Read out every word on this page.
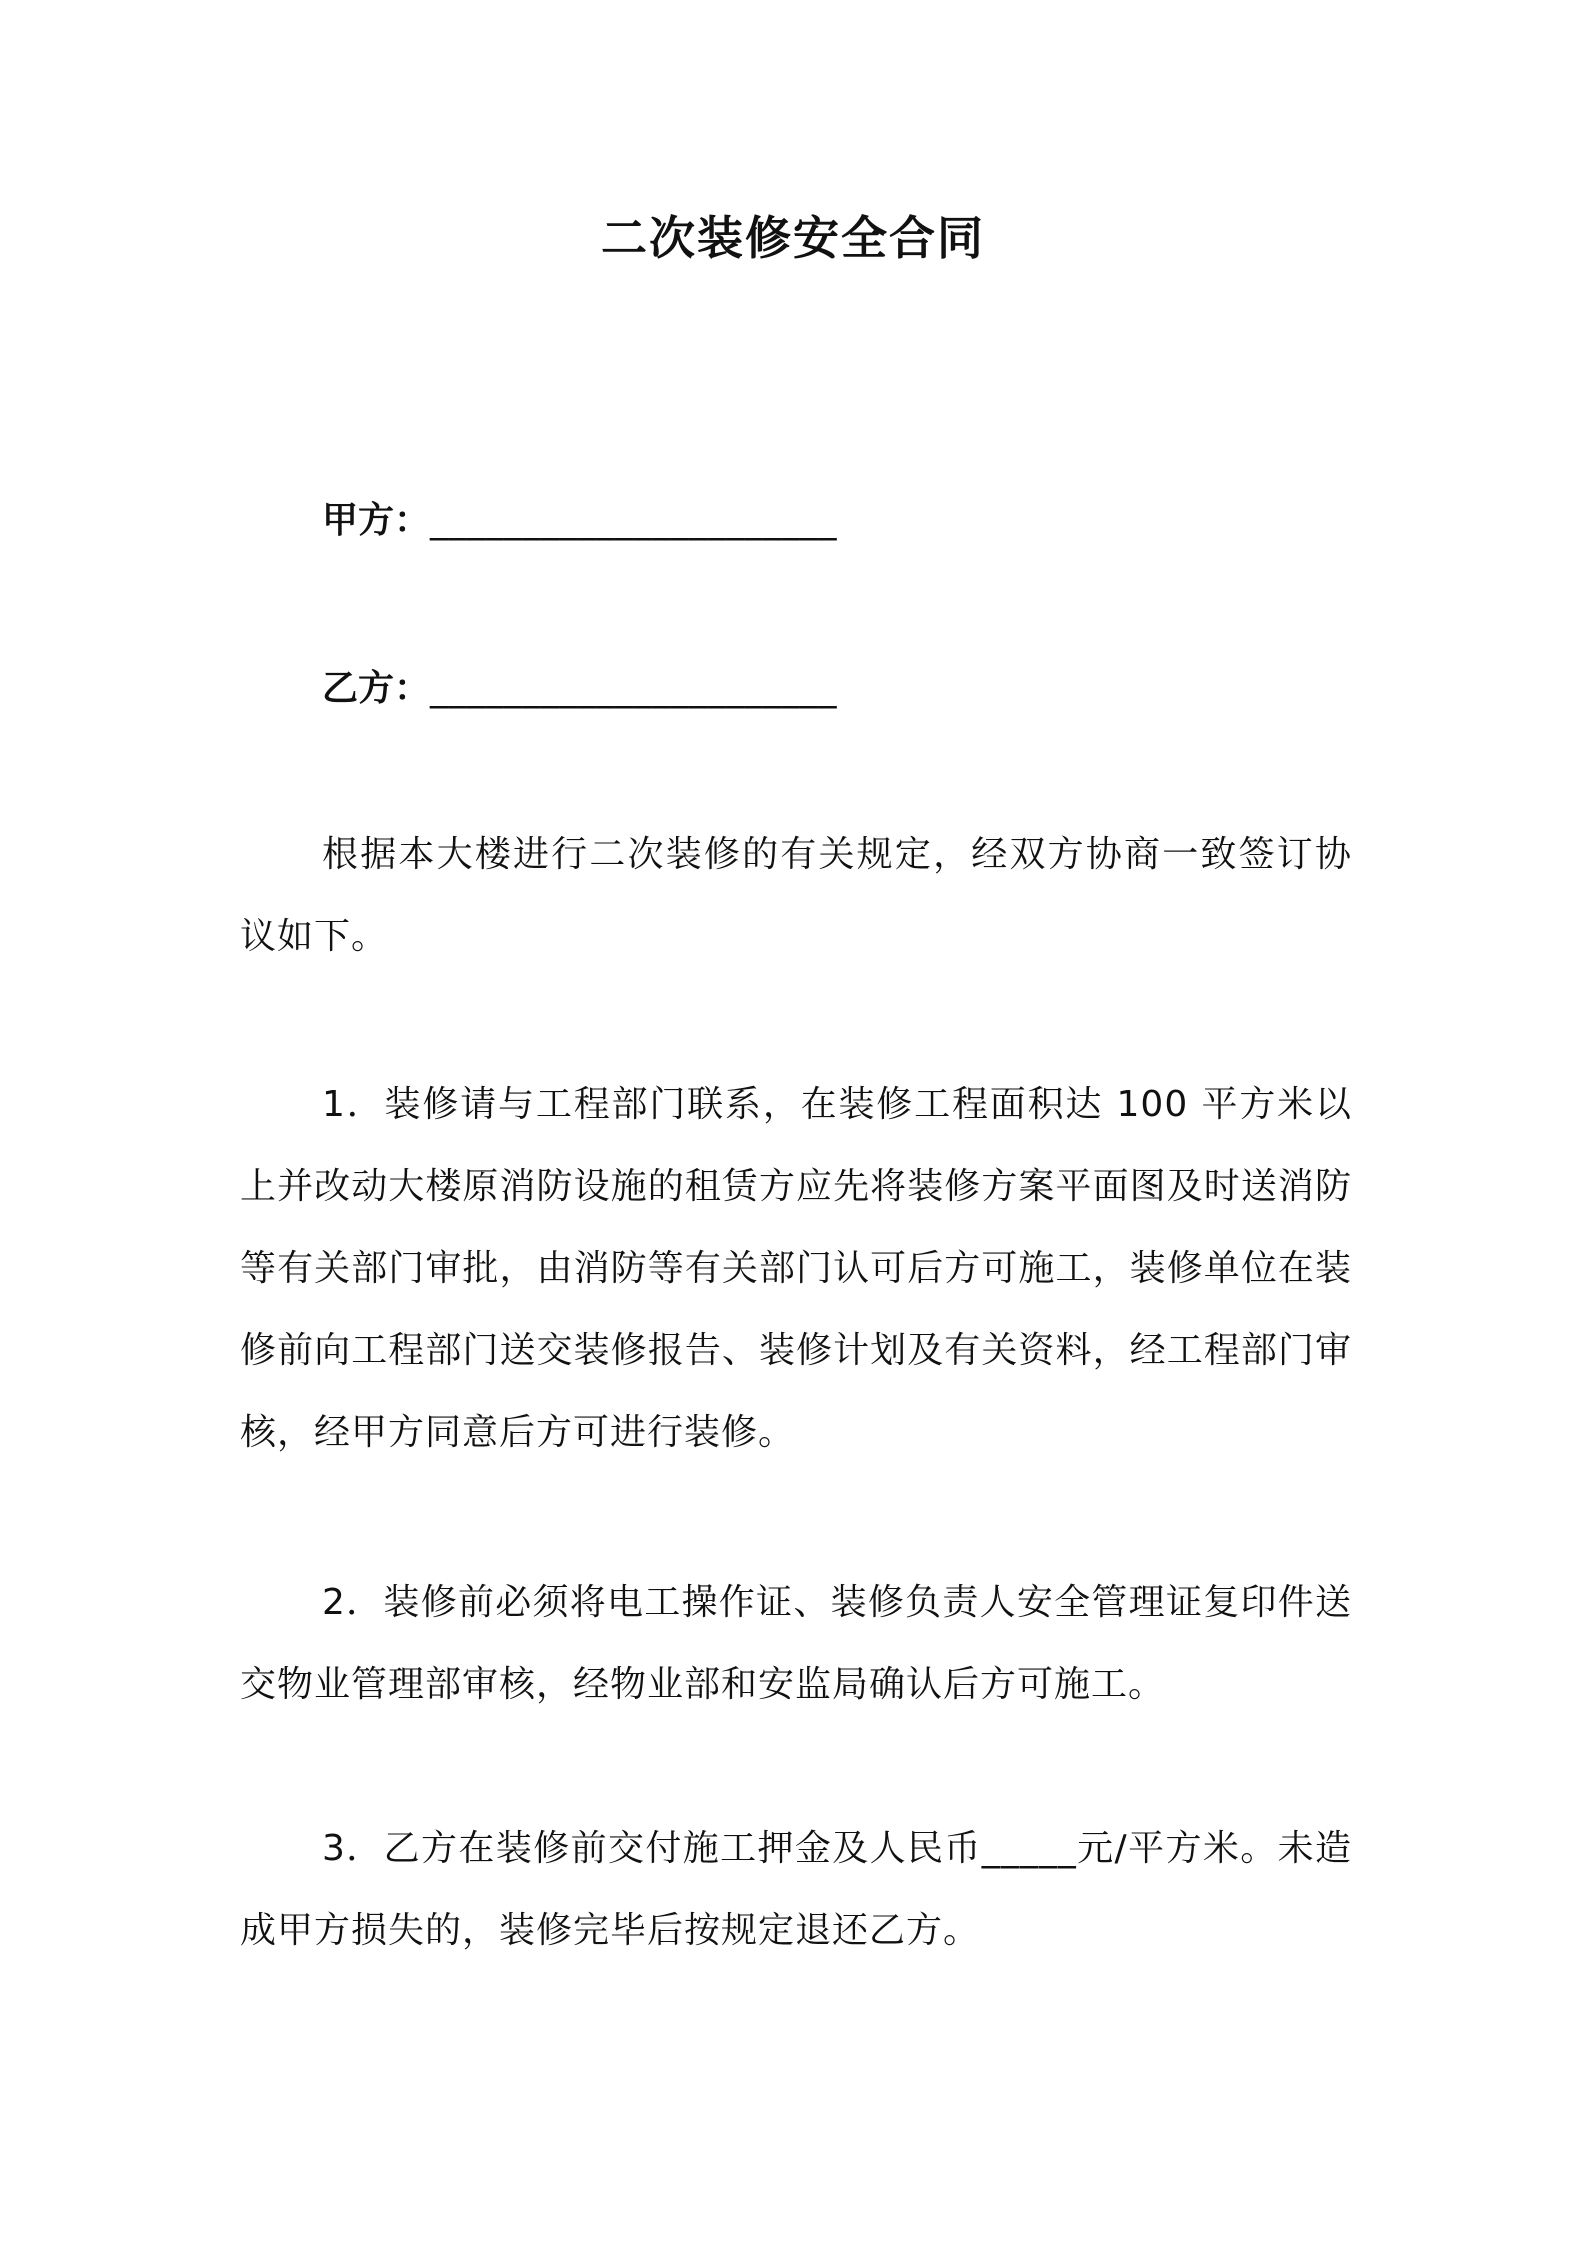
二次装修安全合同
甲方：______________________
乙方：______________________
根据本大楼进行二次装修的有关规定，经双方协商一致签订协议如下。
1．装修请与工程部门联系，在装修工程面积达 100 平方米以上并改动大楼原消防设施的租赁方应先将装修方案平面图及时送消防等有关部门审批，由消防等有关部门认可后方可施工，装修单位在装修前向工程部门送交装修报告、装修计划及有关资料，经工程部门审核，经甲方同意后方可进行装修。
2．装修前必须将电工操作证、装修负责人安全管理证复印件送交物业管理部审核，经物业部和安监局确认后方可施工。
3．乙方在装修前交付施工押金及人民币_____元/平方米。未造成甲方损失的，装修完毕后按规定退还乙方。
